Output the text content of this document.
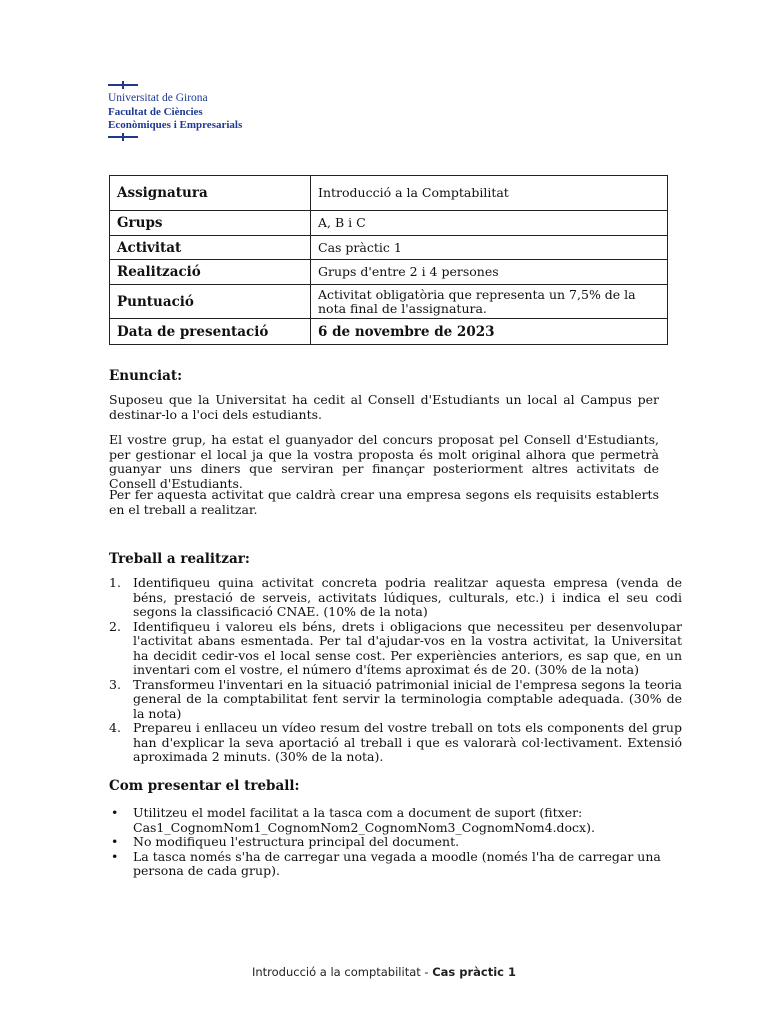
Universitat de Girona
Facultat de Ciències
Econòmiques i Empresarials
Assignatura	Introducció a la Comptabilitat
Grups	A, B i C
Activitat	Cas pràctic 1
Realització	Grups d'entre 2 i 4 persones
Puntuació	Activitat obligatòria que representa un 7,5% de la nota final de l'assignatura.
Data de presentació	6 de novembre de 2023
Enunciat:
Suposeu que la Universitat ha cedit al Consell d'Estudiants un local al Campus per destinar-lo a l'oci dels estudiants.
El vostre grup, ha estat el guanyador del concurs proposat pel Consell d'Estudiants, per gestionar el local ja que la vostra proposta és molt original alhora que permetrà guanyar uns diners que serviran per finançar posteriorment altres activitats de Consell d'Estudiants.
Per fer aquesta activitat que caldrà crear una empresa segons els requisits establerts en el treball a realitzar.
Treball a realitzar:
1. Identifiqueu quina activitat concreta podria realitzar aquesta empresa (venda de béns, prestació de serveis, activitats lúdiques, culturals, etc.) i indica el seu codi segons la classificació CNAE. (10% de la nota)
2. Identifiqueu i valoreu els béns, drets i obligacions que necessiteu per desenvolupar l'activitat abans esmentada. Per tal d'ajudar-vos en la vostra activitat, la Universitat ha decidit cedir-vos el local sense cost. Per experiències anteriors, es sap que, en un inventari com el vostre, el número d'ítems aproximat és de 20. (30% de la nota)
3. Transformeu l'inventari en la situació patrimonial inicial de l'empresa segons la teoria general de la comptabilitat fent servir la terminologia comptable adequada. (30% de la nota)
4. Prepareu i enllaceu un vídeo resum del vostre treball on tots els components del grup han d'explicar la seva aportació al treball i que es valorarà col·lectivament. Extensió aproximada 2 minuts. (30% de la nota).
Com presentar el treball:
• Utilitzeu el model facilitat a la tasca com a document de suport (fitxer: Cas1_CognomNom1_CognomNom2_CognomNom3_CognomNom4.docx).
• No modifiqueu l'estructura principal del document.
• La tasca només s'ha de carregar una vegada a moodle (només l'ha de carregar una persona de cada grup).
Introducció a la comptabilitat - Cas pràctic 1
